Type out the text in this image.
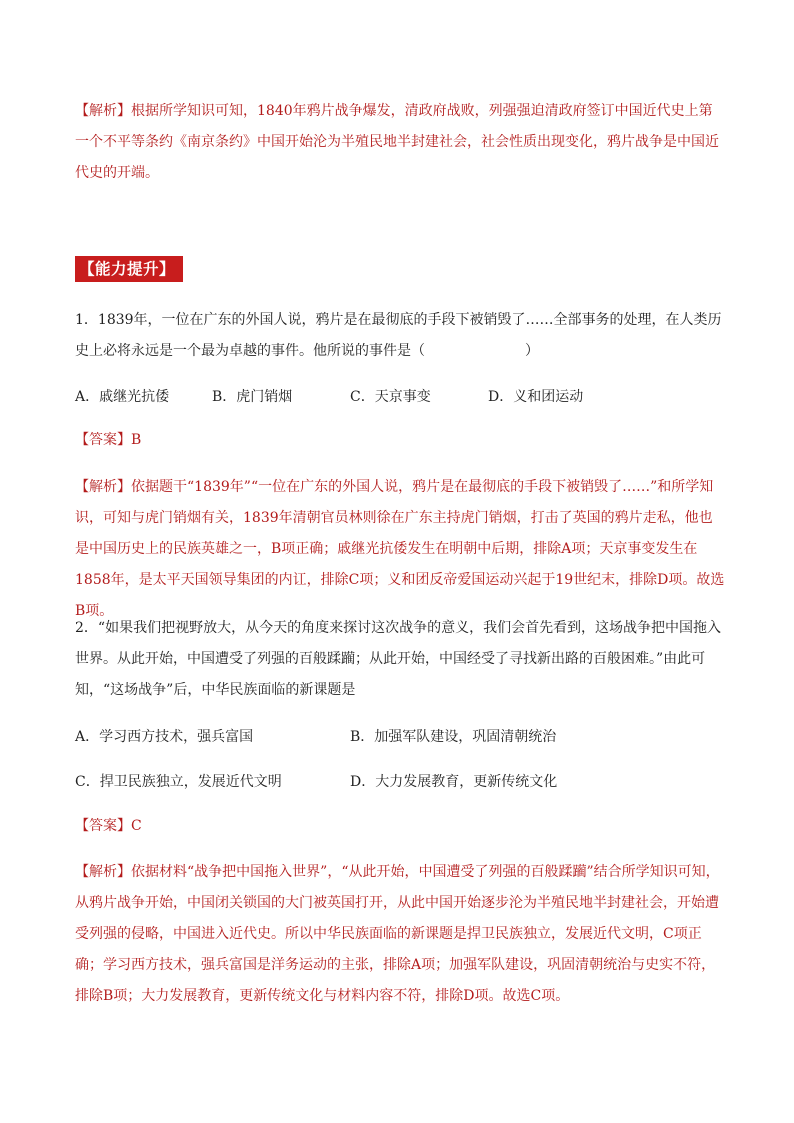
【解析】根据所学知识可知，1840年鸦片战争爆发，清政府战败，列强强迫清政府签订中国近代史上第一个不平等条约《南京条约》中国开始沦为半殖民地半封建社会，社会性质出现变化，鸦片战争是中国近代史的开端。

【能力提升】

1．1839年，一位在广东的外国人说，鸦片是在最彻底的手段下被销毁了……全部事务的处理，在人类历史上必将永远是一个最为卓越的事件。他所说的事件是（	）

A．戚继光抗倭	B．虎门销烟	C．天京事变	D．义和团运动

【答案】B

【解析】依据题干“1839年”“一位在广东的外国人说，鸦片是在最彻底的手段下被销毁了……”和所学知识，可知与虎门销烟有关，1839年清朝官员林则徐在广东主持虎门销烟，打击了英国的鸦片走私，他也是中国历史上的民族英雄之一，B项正确；戚继光抗倭发生在明朝中后期，排除A项；天京事变发生在1858年，是太平天国领导集团的内讧，排除C项；义和团反帝爱国运动兴起于19世纪末，排除D项。故选B项。

2．“如果我们把视野放大，从今天的角度来探讨这次战争的意义，我们会首先看到，这场战争把中国拖入世界。从此开始，中国遭受了列强的百般蹂躏；从此开始，中国经受了寻找新出路的百般困难。”由此可知，“这场战争”后，中华民族面临的新课题是

A．学习西方技术，强兵富国	B．加强军队建设，巩固清朝统治
C．捍卫民族独立，发展近代文明	D．大力发展教育，更新传统文化

【答案】C

【解析】依据材料“战争把中国拖入世界”，“从此开始，中国遭受了列强的百般蹂躏”结合所学知识可知，从鸦片战争开始，中国闭关锁国的大门被英国打开，从此中国开始逐步沦为半殖民地半封建社会，开始遭受列强的侵略，中国进入近代史。所以中华民族面临的新课题是捍卫民族独立，发展近代文明，C项正确；学习西方技术，强兵富国是洋务运动的主张，排除A项；加强军队建设，巩固清朝统治与史实不符，排除B项；大力发展教育，更新传统文化与材料内容不符，排除D项。故选C项。
